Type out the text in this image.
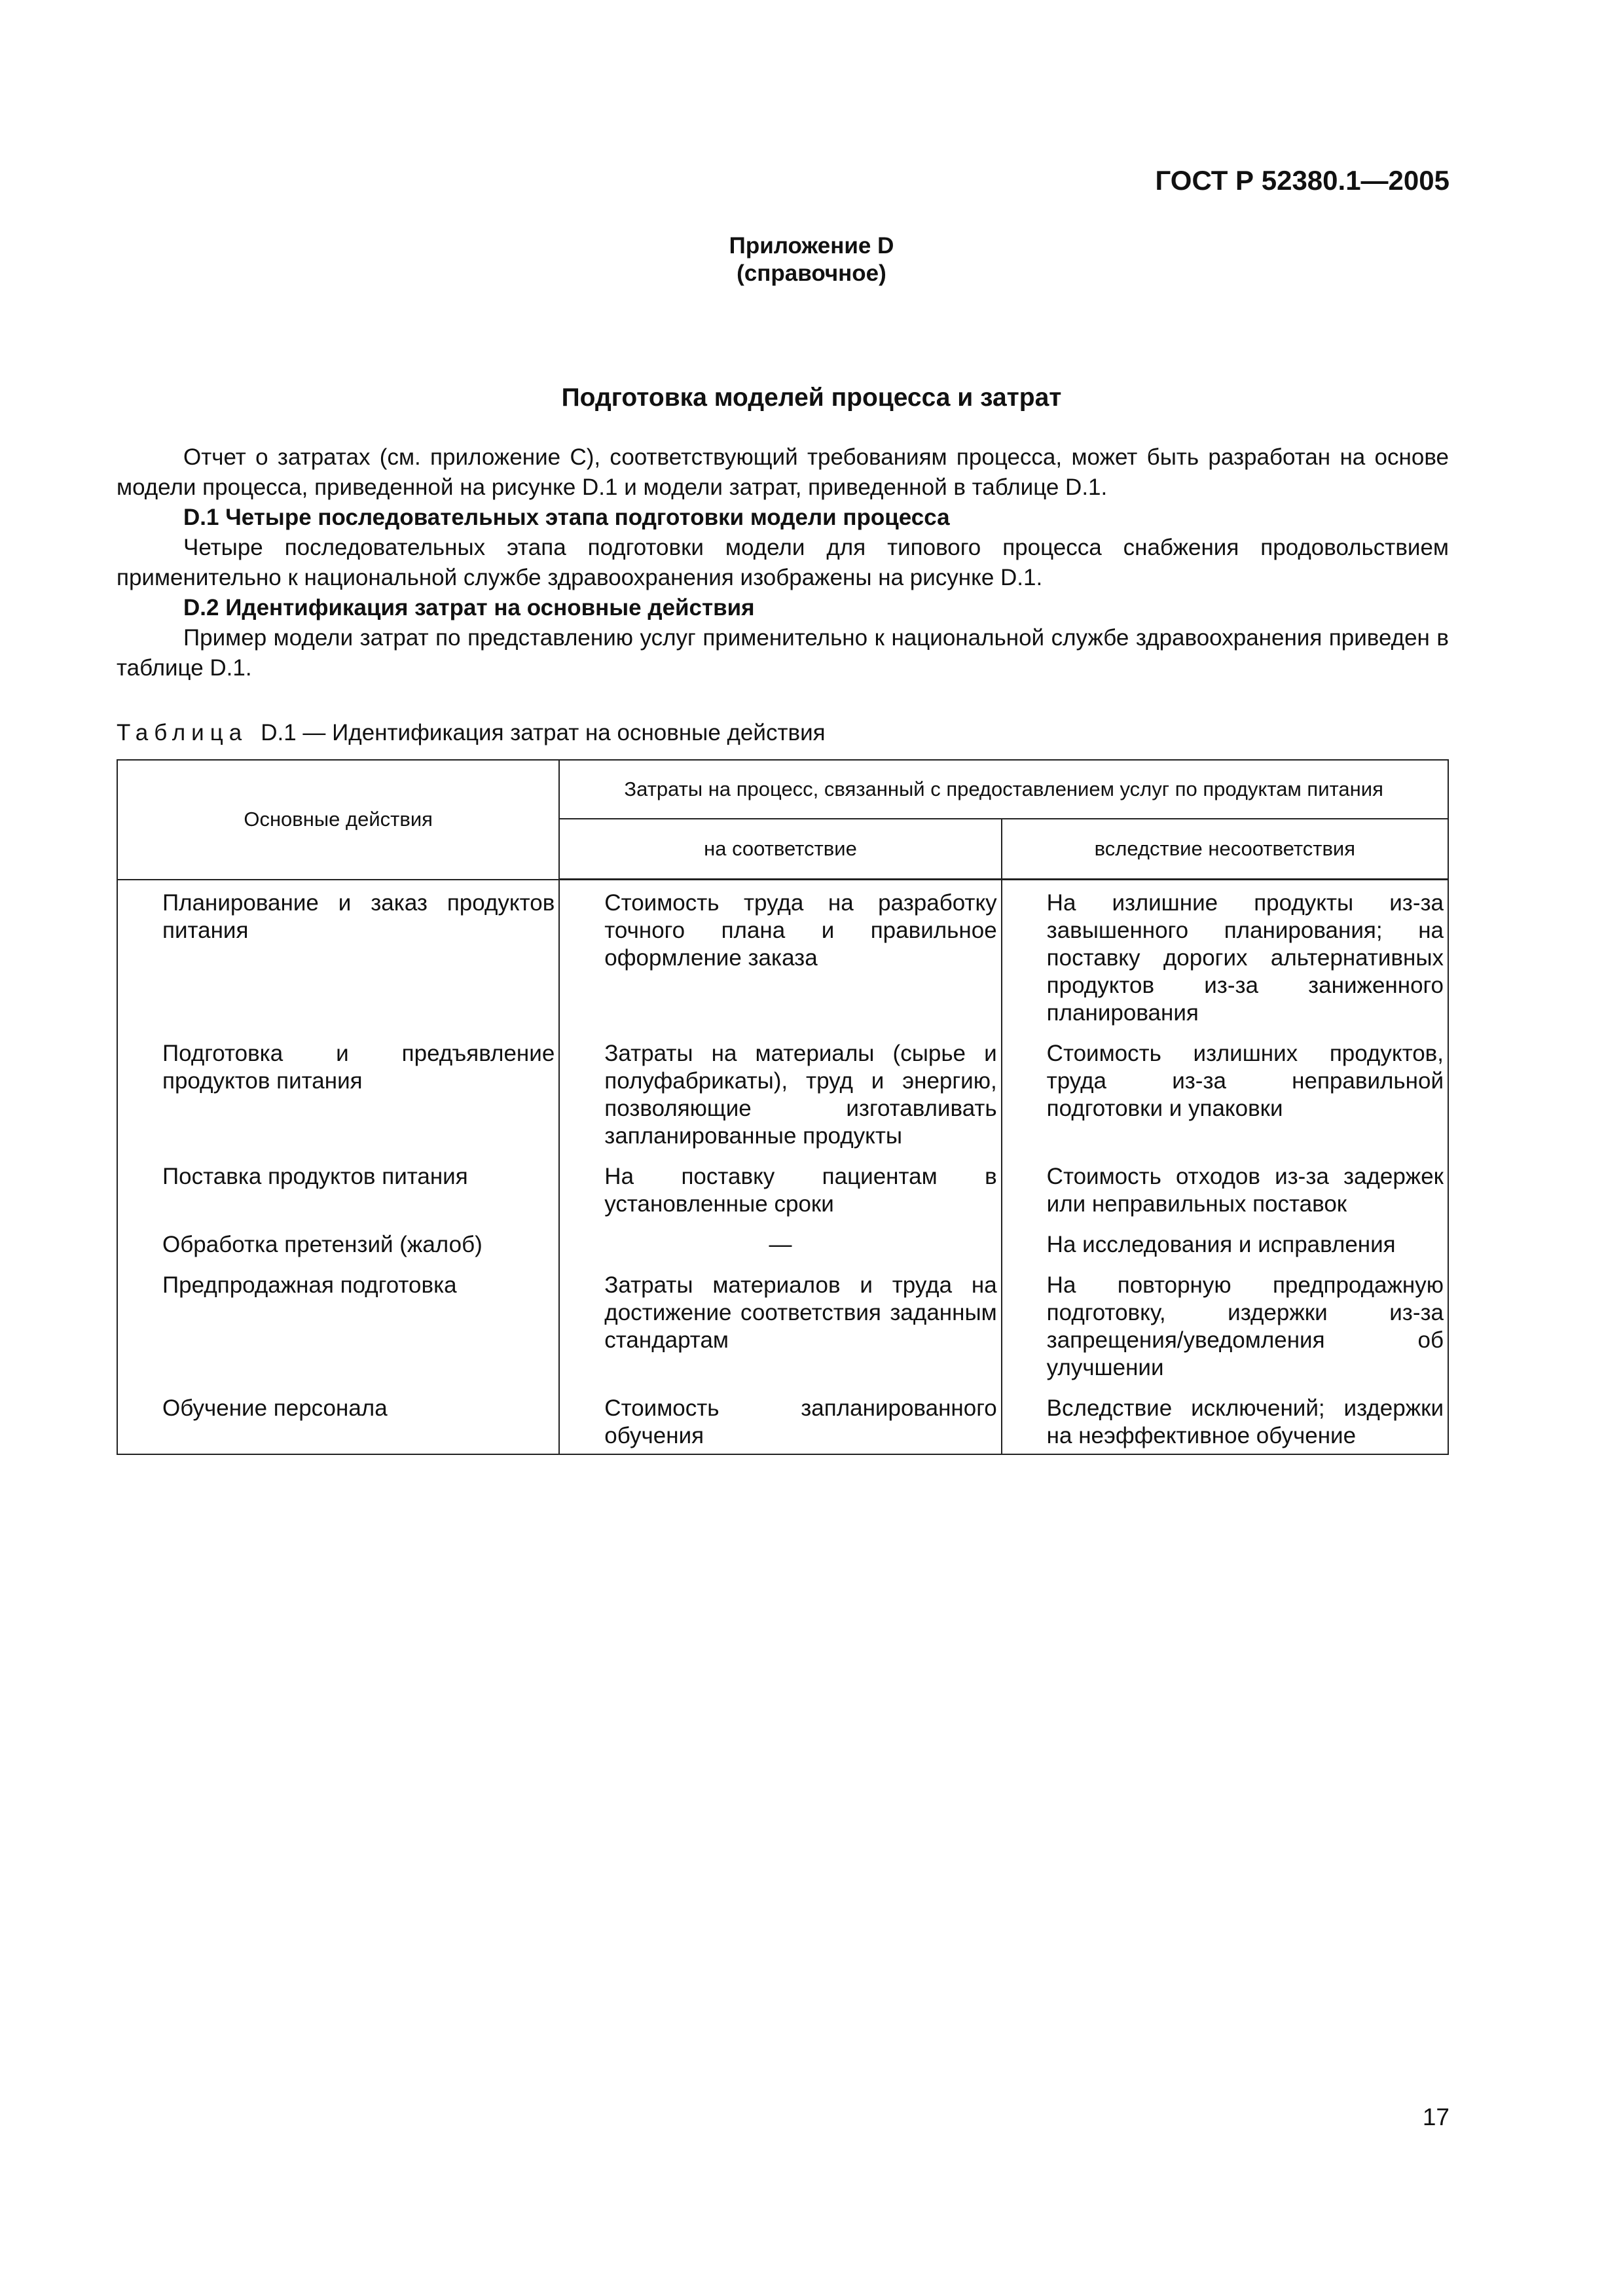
ГОСТ Р 52380.1—2005
Приложение D
(справочное)
Подготовка моделей процесса и затрат

Отчет о затратах (см. приложение С), соответствующий требованиям процесса, может быть разработан на основе модели процесса, приведенной на рисунке D.1 и модели затрат, приведенной в таблице D.1.

D.1 Четыре последовательных этапа подготовки модели процесса

Четыре последовательных этапа подготовки модели для типового процесса снабжения продовольствием применительно к национальной службе здравоохранения изображены на рисунке D.1.

D.2 Идентификация затрат на основные действия

Пример модели затрат по представлению услуг применительно к национальной службе здравоохранения приведен в таблице D.1.

Таблица D.1 — Идентификация затрат на основные действия
Основные действия	Затраты на процесс, связанный с предоставлением услуг по продуктам питания	
	на соответствие	вследствие несоответствия

Планирование и заказ продуктов питания	Стоимость труда на разработку точного плана и правильное оформление заказа	На излишние продукты из-за завышенного планирования; на поставку дорогих альтернативных продуктов из-за заниженного планирования

Подготовка и предъявление продуктов питания	Затраты на материалы (сырье и полуфабрикаты), труд и энергию, позволяющие изготавливать запланированные продукты	Стоимость излишних продуктов, труда из-за неправильной подготовки и упаковки

Поставка продуктов питания	На поставку пациентам в установленные сроки	Стоимость отходов из-за задержек или неправильных поставок

Обработка претензий (жалоб)	—	На исследования и исправления

Предпродажная подготовка	Затраты материалов и труда на достижение соответствия заданным стандартам	На повторную предпродажную подготовку, издержки из-за запрещения/уведомления об улучшении

Обучение персонала	Стоимость запланированного обучения	Вследствие исключений; издержки на неэффективное обучение
17
